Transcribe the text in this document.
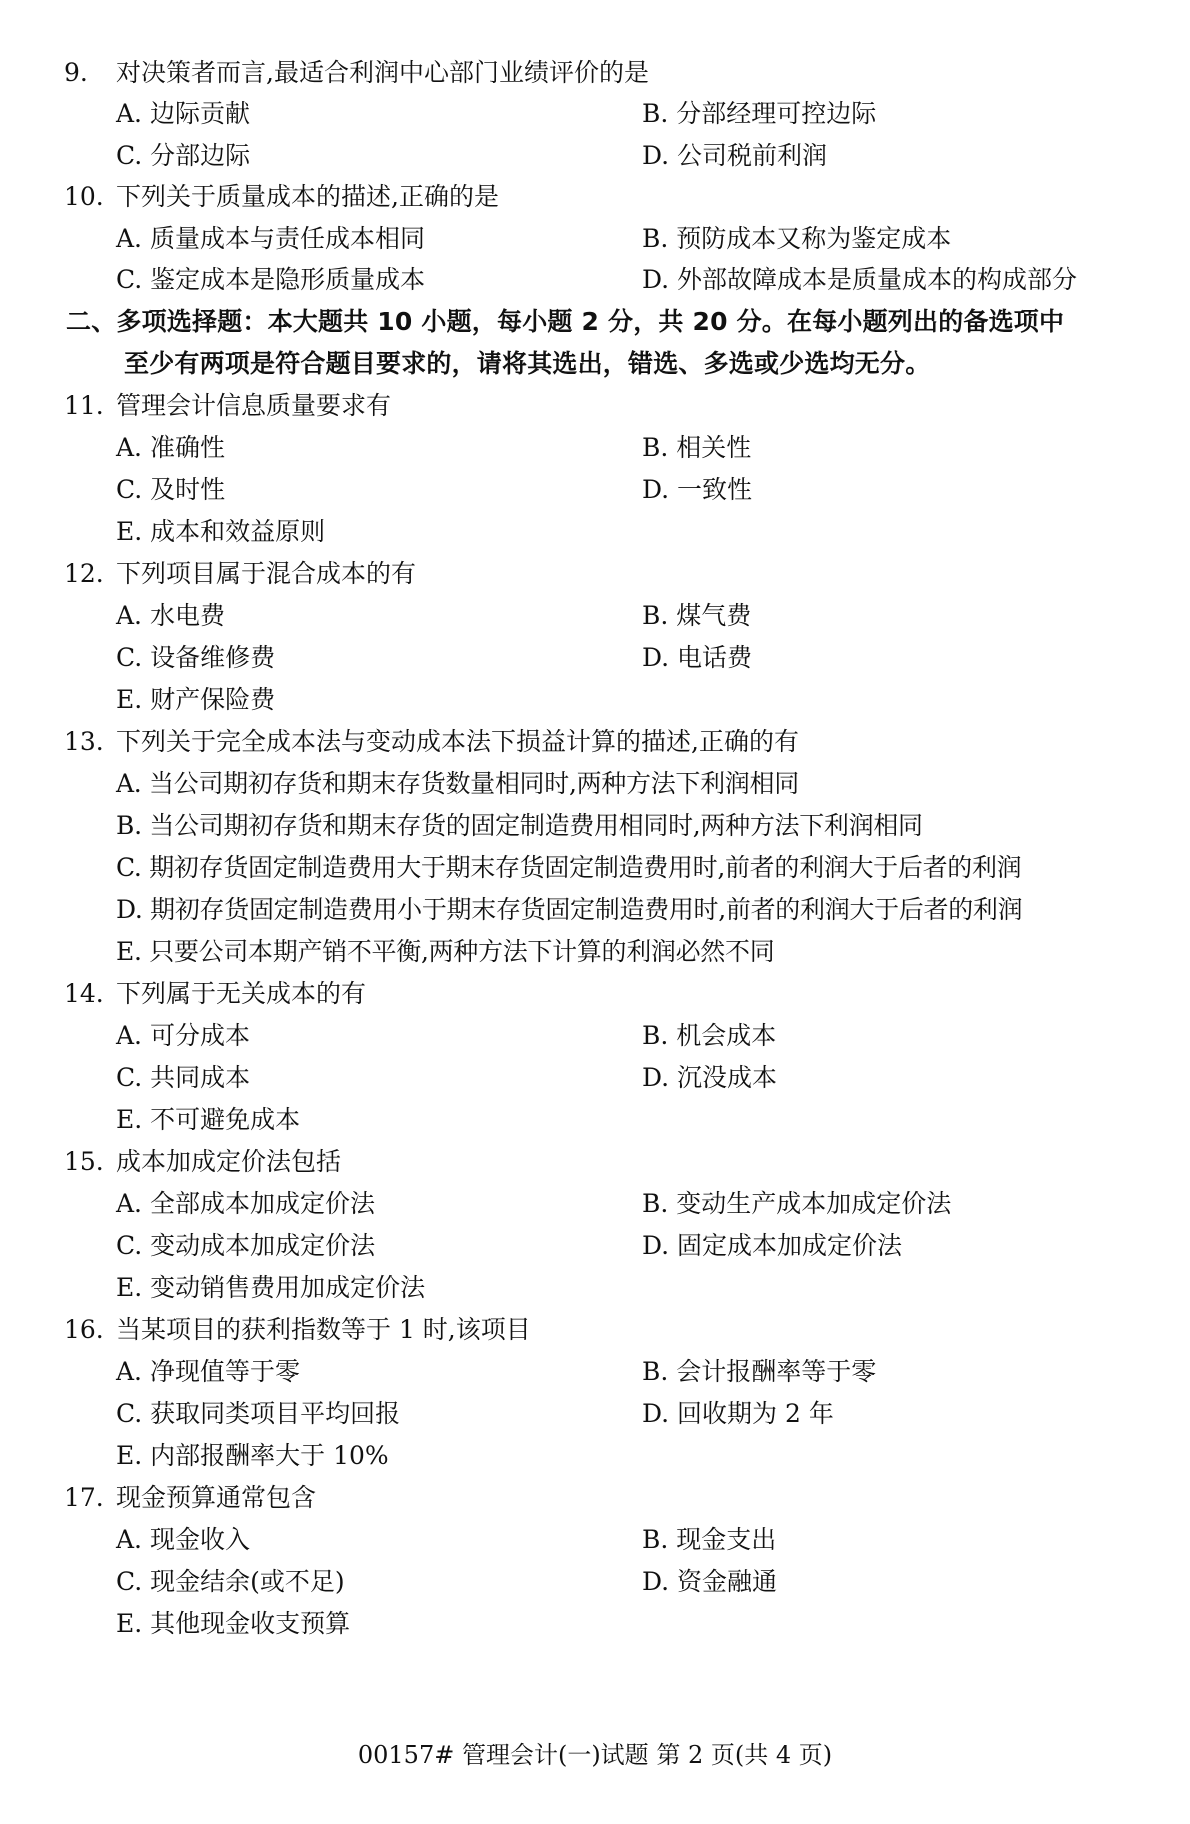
9. 对决策者而言,最适合利润中心部门业绩评价的是
A. 边际贡献	B. 分部经理可控边际
C. 分部边际	D. 公司税前利润
10. 下列关于质量成本的描述,正确的是
A. 质量成本与责任成本相同	B. 预防成本又称为鉴定成本
C. 鉴定成本是隐形质量成本	D. 外部故障成本是质量成本的构成部分
二、多项选择题：本大题共 10 小题，每小题 2 分，共 20 分。在每小题列出的备选项中
至少有两项是符合题目要求的，请将其选出，错选、多选或少选均无分。
11. 管理会计信息质量要求有
A. 准确性	B. 相关性
C. 及时性	D. 一致性
E. 成本和效益原则
12. 下列项目属于混合成本的有
A. 水电费	B. 煤气费
C. 设备维修费	D. 电话费
E. 财产保险费
13. 下列关于完全成本法与变动成本法下损益计算的描述,正确的有
A. 当公司期初存货和期末存货数量相同时,两种方法下利润相同
B. 当公司期初存货和期末存货的固定制造费用相同时,两种方法下利润相同
C. 期初存货固定制造费用大于期末存货固定制造费用时,前者的利润大于后者的利润
D. 期初存货固定制造费用小于期末存货固定制造费用时,前者的利润大于后者的利润
E. 只要公司本期产销不平衡,两种方法下计算的利润必然不同
14. 下列属于无关成本的有
A. 可分成本	B. 机会成本
C. 共同成本	D. 沉没成本
E. 不可避免成本
15. 成本加成定价法包括
A. 全部成本加成定价法	B. 变动生产成本加成定价法
C. 变动成本加成定价法	D. 固定成本加成定价法
E. 变动销售费用加成定价法
16. 当某项目的获利指数等于 1 时,该项目
A. 净现值等于零	B. 会计报酬率等于零
C. 获取同类项目平均回报	D. 回收期为 2 年
E. 内部报酬率大于 10%
17. 现金预算通常包含
A. 现金收入	B. 现金支出
C. 现金结余(或不足)	D. 资金融通
E. 其他现金收支预算
00157# 管理会计(一)试题 第 2 页(共 4 页)
